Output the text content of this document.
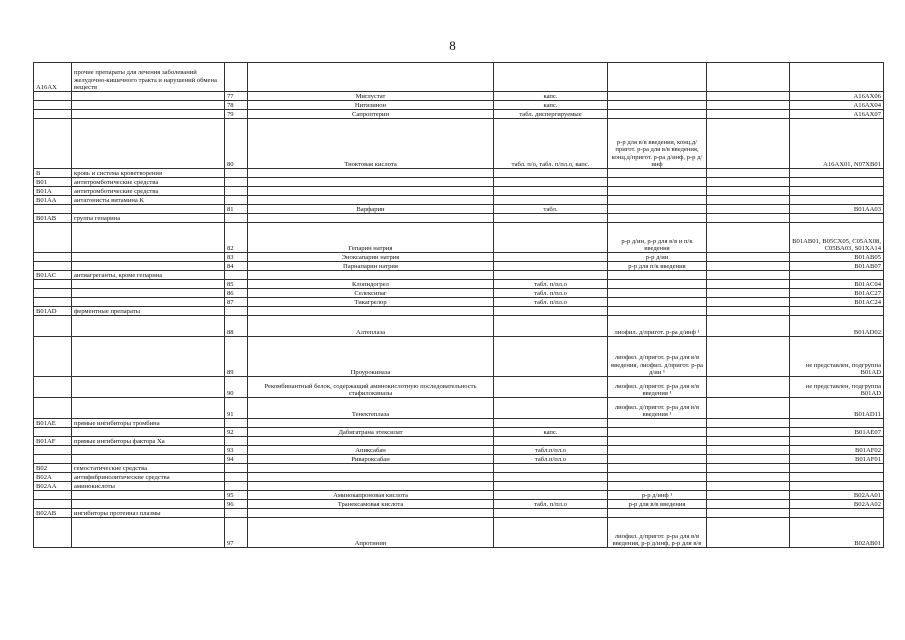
8
A16AX	прочие препараты для лечения заболеваний желудочно-кишечного тракта и нарушений обмена веществ						
		77	Миглустат	капс.			A16AX06
		78	Нитизинон	капс.			A16AX04
		79	Сапроптерин	табл. диспергируемые			A16AX07
		80	Тиоктовая кислота	табл. п/о, табл. п/пл.о, капс.	р-р для в/в введения, конц.д/пригот. р-ра для в/в введения, конц.д/пригот. р-ра д/инф, р-р д/инф		A16AX01, N07XB01
B	кровь и система кроветворения						
B01	антитромботические средства						
B01A	антитромботические средства						
B01AA	антагонисты витамина К						
		81	Варфарин	табл.			B01AA03
B01AB	группа гепарина						
		82	Гепарин натрия		р-р д/ин, р-р для в/в и п/к введения		B01AB01, B05CX05, C05AX08, C05BA03, S01XA14
		83	Эноксапарин натрия		р-р д/ин		B01AB05
		84	Парнапарин натрия		р-р для п/к введения		B01AB07
B01AC	антиагреганты, кроме гепарина						
		85	Клопидогрел	табл. п/пл.о			B01AC04
		86	Селексипаг	табл. п/пл.о			B01AC27
		87	Тикагрелор	табл. п/пл.о			B01AC24
B01AD	ферментные препараты						
		88	Алтеплаза		лиофил. д/пригот. р-ра д/инф ¹		B01AD02
		89	Проурокиназа		лиофил. д/пригот. р-ра для в/в введения, лиофил. д/пригот. р-ра д/ин ¹		не представлен, подгруппа B01AD
		90	Рекомбинантный белок, содержащий аминокислотную последовательность стафилокиназы		лиофил. д/пригот. р-ра для в/в введения ¹		не представлен, подгруппа B01AD
		91	Тенектеплаза		лиофил. д/пригот. р-ра для в/в введения ¹		B01AD11
B01AE	прямые ингибиторы тромбина						
		92	Дабигатрана этексилат	капс.			B01AE07
B01AF	прямые ингибиторы фактора Xa						
		93	Апиксабан	табл.п/пл.о			B01AF02
		94	Ривароксабан	табл.п/пл.о			B01AF01
B02	гемостатические средства						
B02A	антифибринолитические средства						
B02AA	аминокислоты						
		95	Аминокапроновая кислота		р-р д/инф ¹		B02AA01
		96	Транексамовая кислота	табл. п/пл.о	р-р для в/в введения		B02AA02
B02AB	ингибиторы протеиназ плазмы						
		97	Апротинин		лиофил. д/пригот. р-ра для в/в введения, р-р д/инф, р-р для в/в		B02AB01
